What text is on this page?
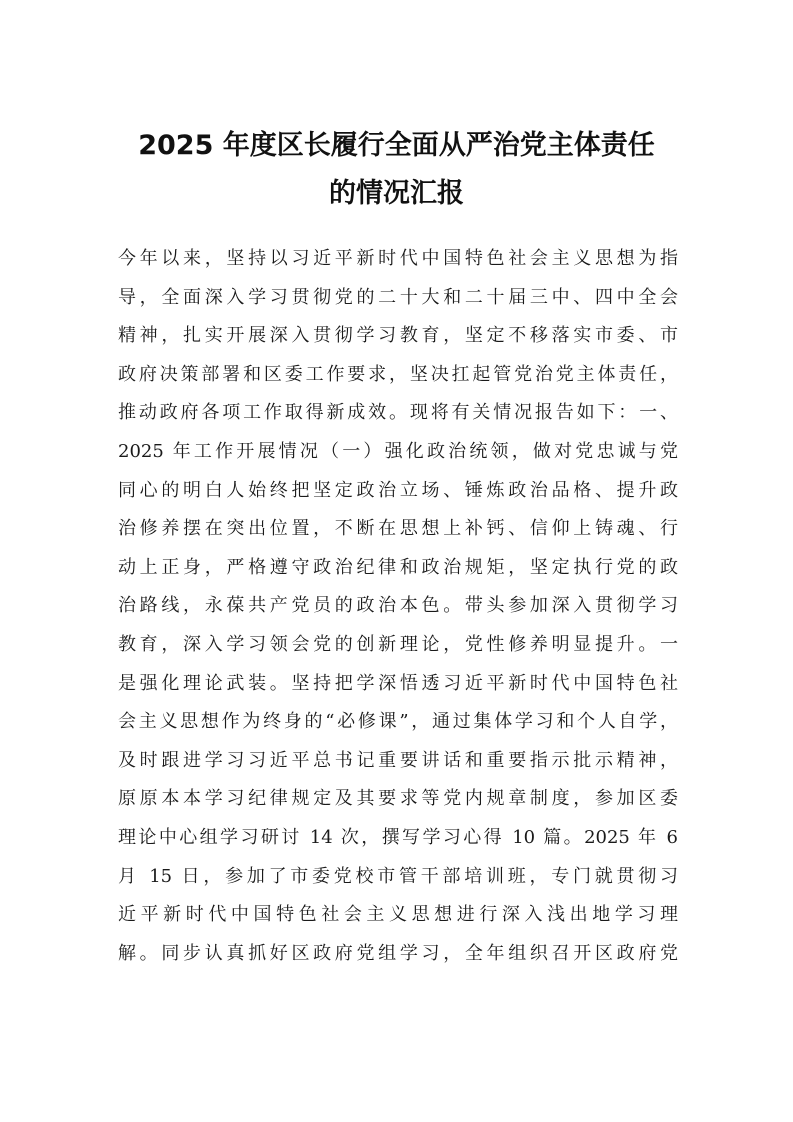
2025 年度区长履行全面从严治党主体责任
的情况汇报
今年以来，坚持以习近平新时代中国特色社会主义思想为指
导，全面深入学习贯彻党的二十大和二十届三中、四中全会
精神，扎实开展深入贯彻学习教育，坚定不移落实市委、市
政府决策部署和区委工作要求，坚决扛起管党治党主体责任，
推动政府各项工作取得新成效。现将有关情况报告如下：一、
2025 年工作开展情况（一）强化政治统领，做对党忠诚与党
同心的明白人始终把坚定政治立场、锤炼政治品格、提升政
治修养摆在突出位置，不断在思想上补钙、信仰上铸魂、行
动上正身，严格遵守政治纪律和政治规矩，坚定执行党的政
治路线，永葆共产党员的政治本色。带头参加深入贯彻学习
教育，深入学习领会党的创新理论，党性修养明显提升。一
是强化理论武装。坚持把学深悟透习近平新时代中国特色社
会主义思想作为终身的“必修课”，通过集体学习和个人自学，
及时跟进学习习近平总书记重要讲话和重要指示批示精神，
原原本本学习纪律规定及其要求等党内规章制度，参加区委
理论中心组学习研讨 14 次，撰写学习心得 10 篇。2025 年 6
月 15 日，参加了市委党校市管干部培训班，专门就贯彻习
近平新时代中国特色社会主义思想进行深入浅出地学习理
解。同步认真抓好区政府党组学习，全年组织召开区政府党
